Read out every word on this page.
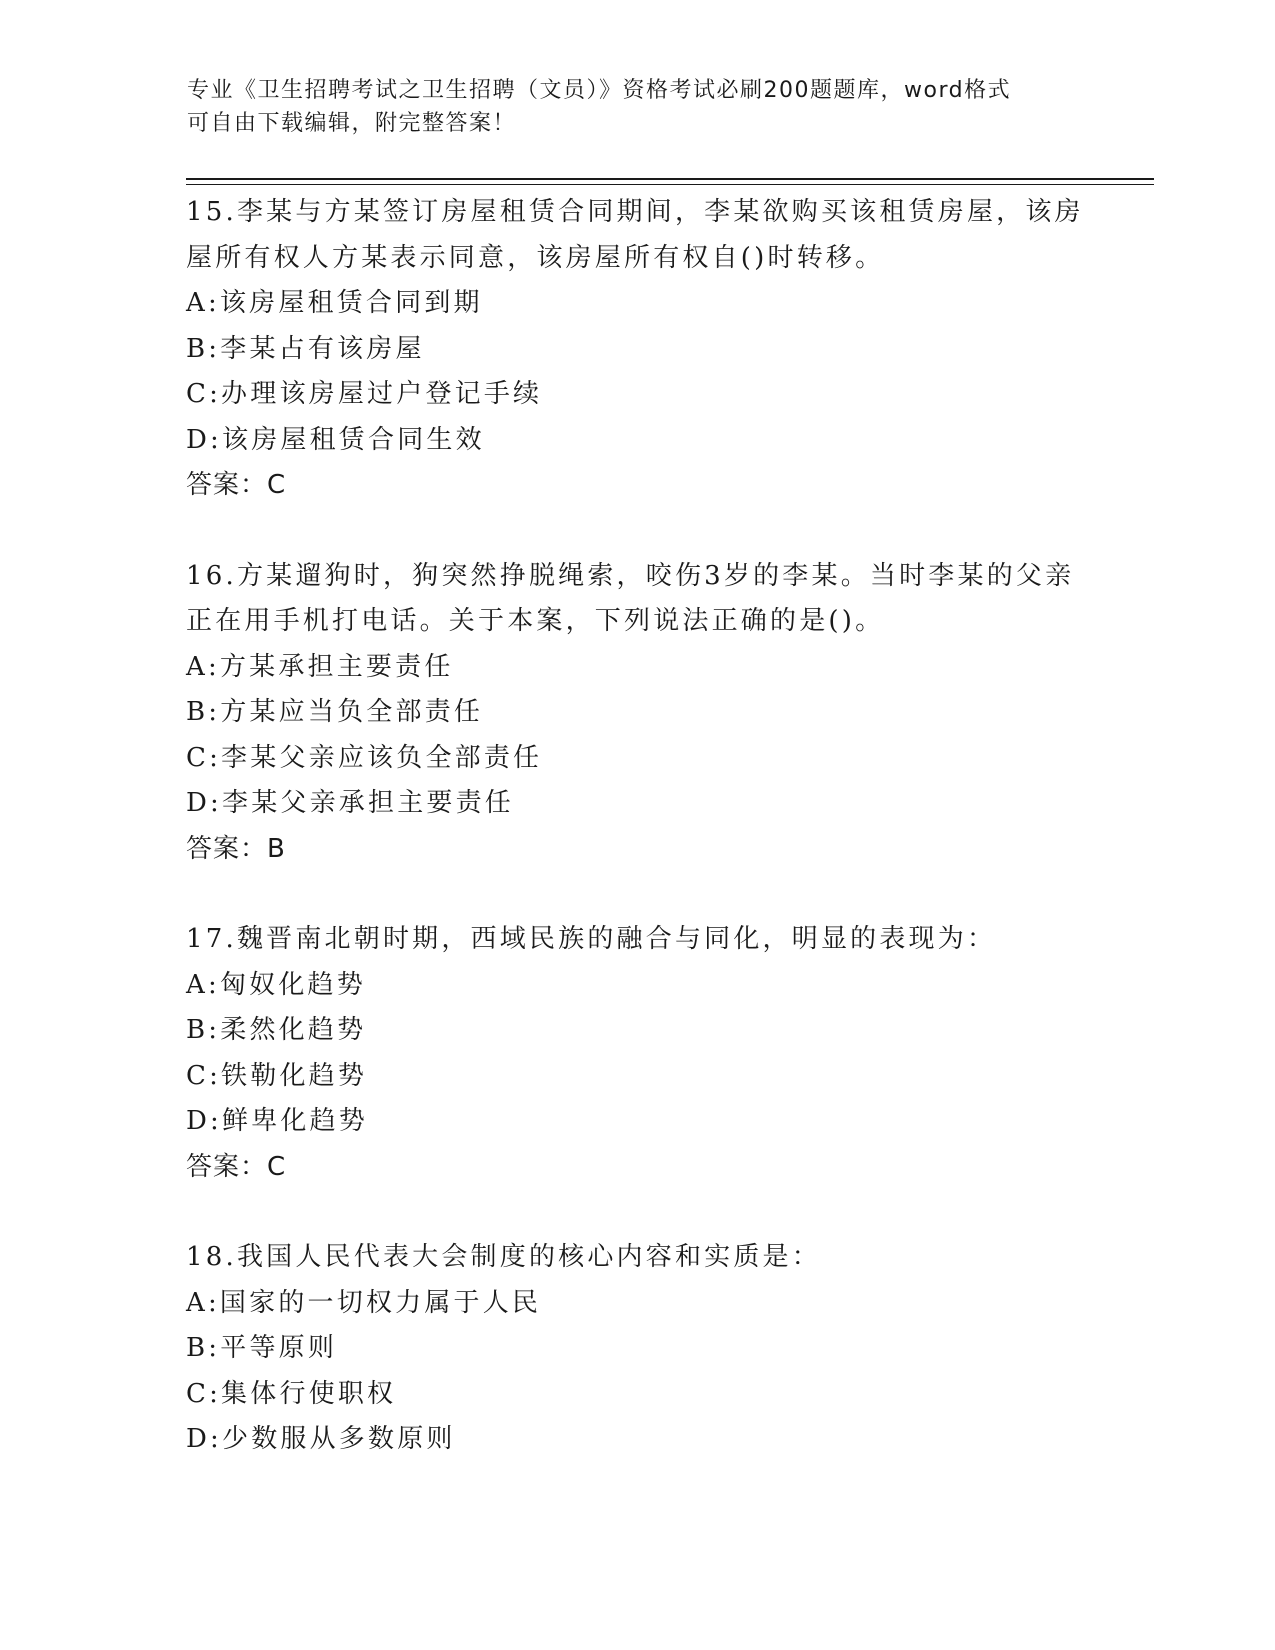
专业《卫生招聘考试之卫生招聘（文员）》资格考试必刷200题题库，word格式
可自由下载编辑，附完整答案！
15.李某与方某签订房屋租赁合同期间，李某欲购买该租赁房屋，该房
屋所有权人方某表示同意，该房屋所有权自()时转移。
A:该房屋租赁合同到期
B:李某占有该房屋
C:办理该房屋过户登记手续
D:该房屋租赁合同生效
答案：C
16.方某遛狗时，狗突然挣脱绳索，咬伤3岁的李某。当时李某的父亲
正在用手机打电话。关于本案，下列说法正确的是()。
A:方某承担主要责任
B:方某应当负全部责任
C:李某父亲应该负全部责任
D:李某父亲承担主要责任
答案：B
17.魏晋南北朝时期，西域民族的融合与同化，明显的表现为：
A:匈奴化趋势
B:柔然化趋势
C:铁勒化趋势
D:鲜卑化趋势
答案：C
18.我国人民代表大会制度的核心内容和实质是：
A:国家的一切权力属于人民
B:平等原则
C:集体行使职权
D:少数服从多数原则
